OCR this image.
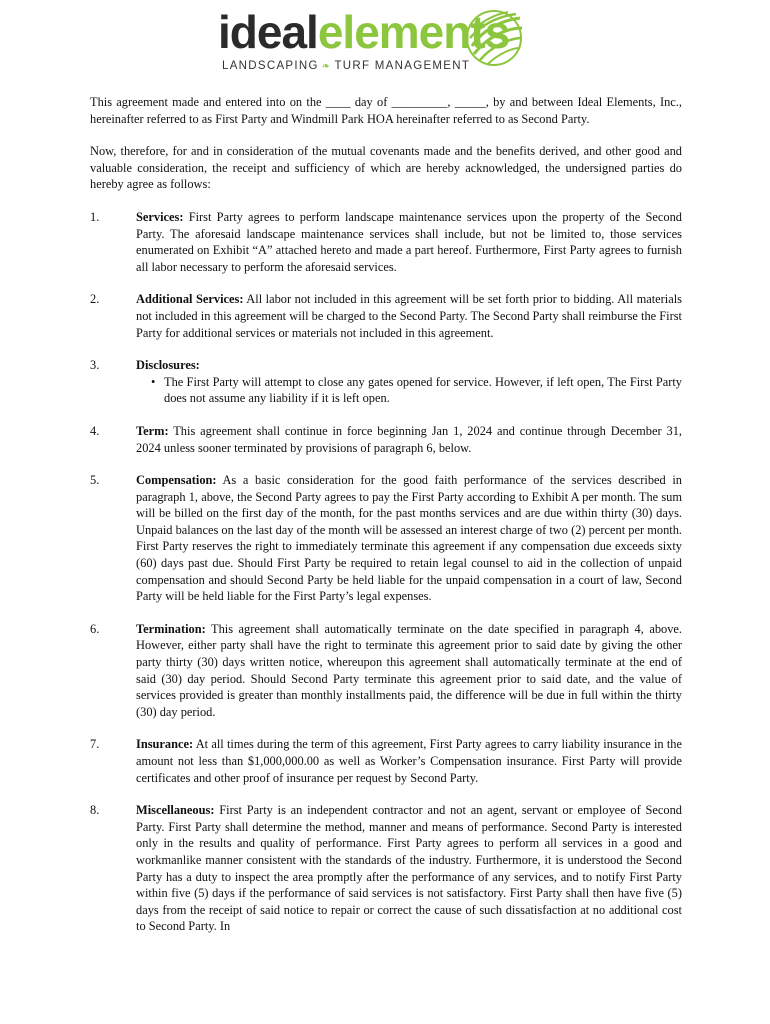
idealelements
LANDSCAPING ❧ TURF MANAGEMENT

This agreement made and entered into on the ____ day of _________, _____, by and between Ideal Elements, Inc., hereinafter referred to as First Party and Windmill Park HOA hereinafter referred to as Second Party.

Now, therefore, for and in consideration of the mutual covenants made and the benefits derived, and other good and valuable consideration, the receipt and sufficiency of which are hereby acknowledged, the undersigned parties do hereby agree as follows:

1.	Services: First Party agrees to perform landscape maintenance services upon the property of the Second Party. The aforesaid landscape maintenance services shall include, but not be limited to, those services enumerated on Exhibit “A” attached hereto and made a part hereof. Furthermore, First Party agrees to furnish all labor necessary to perform the aforesaid services.

2.	Additional Services: All labor not included in this agreement will be set forth prior to bidding. All materials not included in this agreement will be charged to the Second Party. The Second Party shall reimburse the First Party for additional services or materials not included in this agreement.

3.	Disclosures:

• The First Party will attempt to close any gates opened for service. However, if left open, The First Party does not assume any liability if it is left open.

4.	Term: This agreement shall continue in force beginning Jan 1, 2024 and continue through December 31, 2024 unless sooner terminated by provisions of paragraph 6, below.

5.	Compensation: As a basic consideration for the good faith performance of the services described in paragraph 1, above, the Second Party agrees to pay the First Party according to Exhibit A per month. The sum will be billed on the first day of the month, for the past months services and are due within thirty (30) days. Unpaid balances on the last day of the month will be assessed an interest charge of two (2) percent per month. First Party reserves the right to immediately terminate this agreement if any compensation due exceeds sixty (60) days past due. Should First Party be required to retain legal counsel to aid in the collection of unpaid compensation and should Second Party be held liable for the unpaid compensation in a court of law, Second Party will be held liable for the First Party’s legal expenses.

6.	Termination: This agreement shall automatically terminate on the date specified in paragraph 4, above. However, either party shall have the right to terminate this agreement prior to said date by giving the other party thirty (30) days written notice, whereupon this agreement shall automatically terminate at the end of said (30) day period. Should Second Party terminate this agreement prior to said date, and the value of services provided is greater than monthly installments paid, the difference will be due in full within the thirty (30) day period.

7.	Insurance: At all times during the term of this agreement, First Party agrees to carry liability insurance in the amount not less than $1,000,000.00 as well as Worker’s Compensation insurance. First Party will provide certificates and other proof of insurance per request by Second Party.

8.	Miscellaneous: First Party is an independent contractor and not an agent, servant or employee of Second Party. First Party shall determine the method, manner and means of performance. Second Party is interested only in the results and quality of performance. First Party agrees to perform all services in a good and workmanlike manner consistent with the standards of the industry. Furthermore, it is understood the Second Party has a duty to inspect the area promptly after the performance of any services, and to notify First Party within five (5) days if the performance of said services is not satisfactory. First Party shall then have five (5) days from the receipt of said notice to repair or correct the cause of such dissatisfaction at no additional cost to Second Party. In
